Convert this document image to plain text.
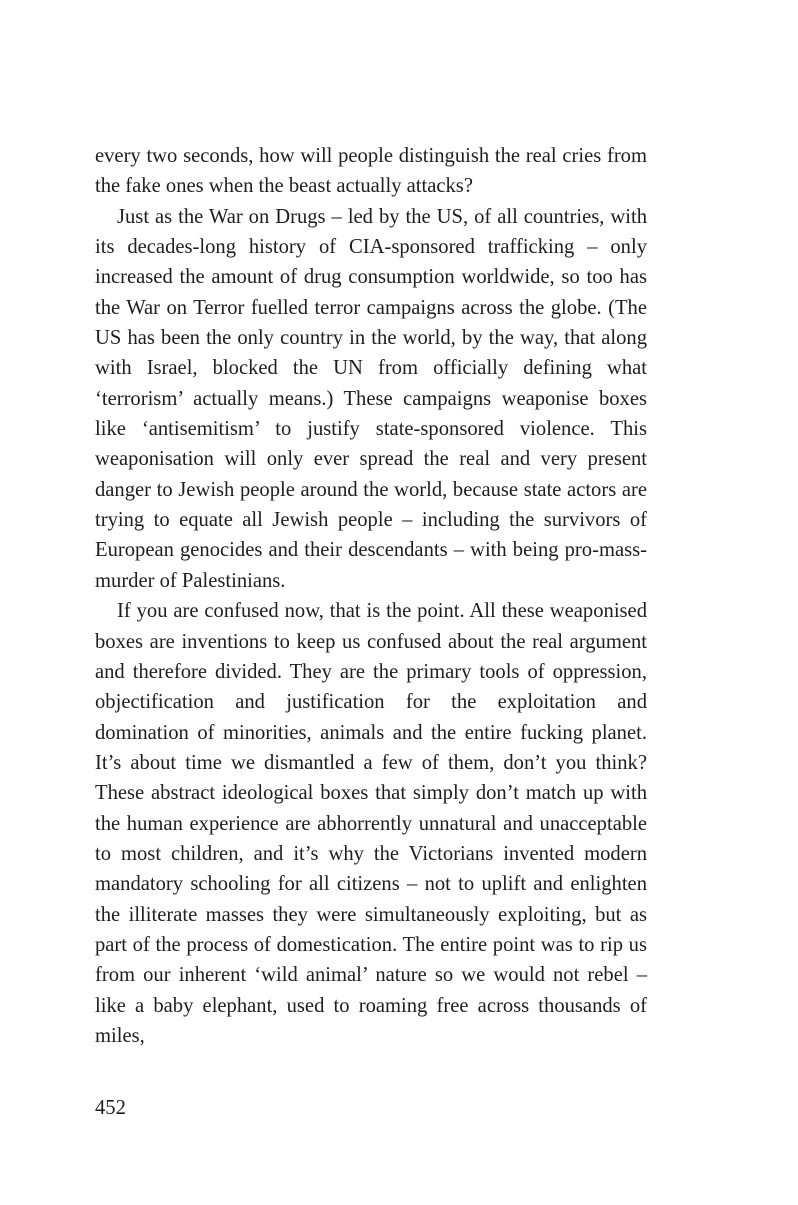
every two seconds, how will people distinguish the real cries from the fake ones when the beast actually attacks?

Just as the War on Drugs – led by the US, of all countries, with its decades-long history of CIA-sponsored trafficking – only increased the amount of drug consumption worldwide, so too has the War on Terror fuelled terror campaigns across the globe. (The US has been the only country in the world, by the way, that along with Israel, blocked the UN from officially defining what ‘terrorism’ actually means.) These campaigns weaponise boxes like ‘antisemitism’ to justify state-sponsored violence. This weaponisation will only ever spread the real and very present danger to Jewish people around the world, because state actors are trying to equate all Jewish people – including the survivors of European genocides and their descendants – with being pro-mass-murder of Palestinians.

If you are confused now, that is the point. All these weaponised boxes are inventions to keep us confused about the real argument and therefore divided. They are the primary tools of oppression, objectification and justification for the exploitation and domination of minorities, animals and the entire fucking planet. It’s about time we dismantled a few of them, don’t you think? These abstract ideological boxes that simply don’t match up with the human experience are abhorrently unnatural and unacceptable to most children, and it’s why the Victorians invented modern mandatory schooling for all citizens – not to uplift and enlighten the illiterate masses they were simultaneously exploiting, but as part of the process of domestication. The entire point was to rip us from our inherent ‘wild animal’ nature so we would not rebel – like a baby elephant, used to roaming free across thousands of miles,

452
